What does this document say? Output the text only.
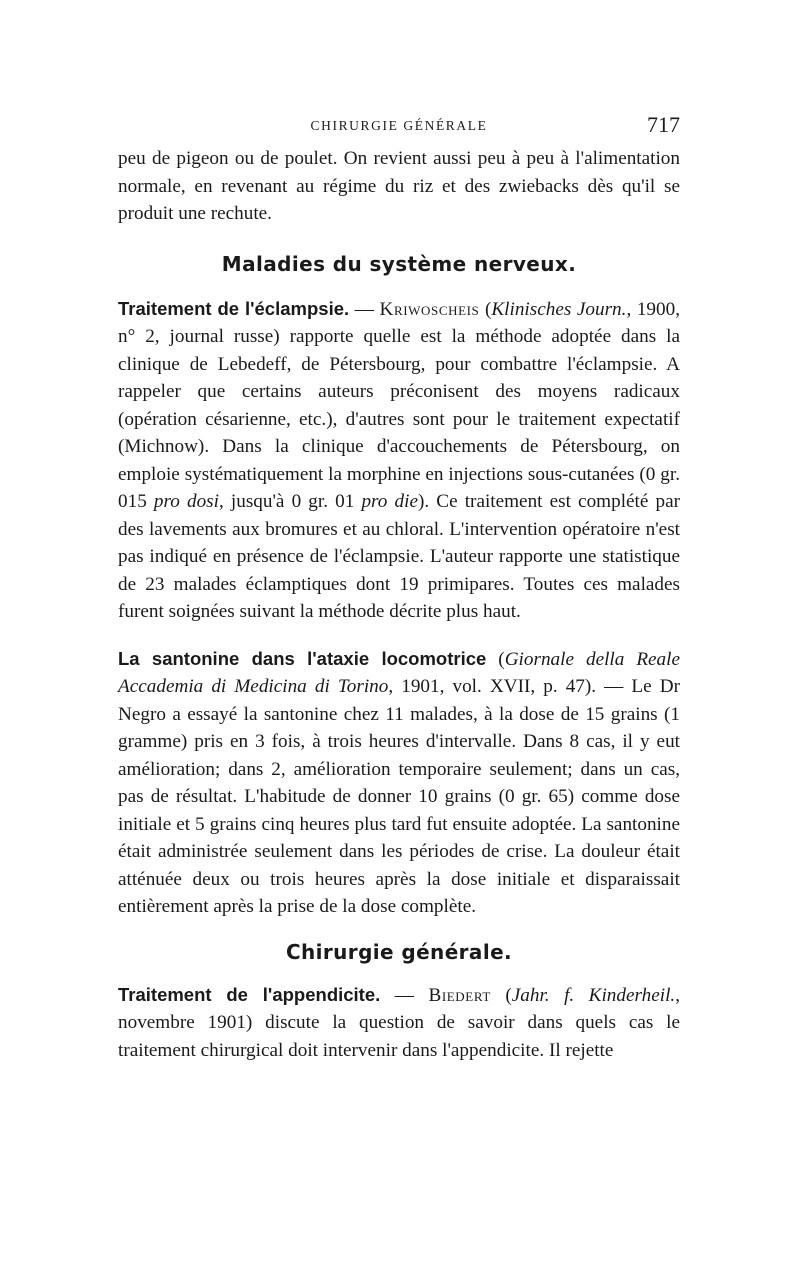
CHIRURGIE GÉNÉRALE	717

peu de pigeon ou de poulet. On revient aussi peu à peu à l'alimentation normale, en revenant au régime du riz et des zwiebacks dès qu'il se produit une rechute.

Maladies du système nerveux.

Traitement de l'éclampsie. — Kriwoscheis (Klinisches Journ., 1900, n° 2, journal russe) rapporte quelle est la méthode adoptée dans la clinique de Lebedeff, de Pétersbourg, pour combattre l'éclampsie. A rappeler que certains auteurs préconisent des moyens radicaux (opération césarienne, etc.), d'autres sont pour le traitement expectatif (Michnow). Dans la clinique d'accouchements de Pétersbourg, on emploie systématiquement la morphine en injections sous-cutanées (0 gr. 015 pro dosi, jusqu'à 0 gr. 01 pro die). Ce traitement est complété par des lavements aux bromures et au chloral. L'intervention opératoire n'est pas indiqué en présence de l'éclampsie. L'auteur rapporte une statistique de 23 malades éclamptiques dont 19 primipares. Toutes ces malades furent soignées suivant la méthode décrite plus haut.

La santonine dans l'ataxie locomotrice (Giornale della Reale Accademia di Medicina di Torino, 1901, vol. XVII, p. 47). — Le Dr Negro a essayé la santonine chez 11 malades, à la dose de 15 grains (1 gramme) pris en 3 fois, à trois heures d'intervalle. Dans 8 cas, il y eut amélioration; dans 2, amélioration temporaire seulement; dans un cas, pas de résultat. L'habitude de donner 10 grains (0 gr. 65) comme dose initiale et 5 grains cinq heures plus tard fut ensuite adoptée. La santonine était administrée seulement dans les périodes de crise. La douleur était atténuée deux ou trois heures après la dose initiale et disparaissait entièrement après la prise de la dose complète.

Chirurgie générale.

Traitement de l'appendicite. — Biedert (Jahr. f. Kinderheil., novembre 1901) discute la question de savoir dans quels cas le traitement chirurgical doit intervenir dans l'appendicite. Il rejette
